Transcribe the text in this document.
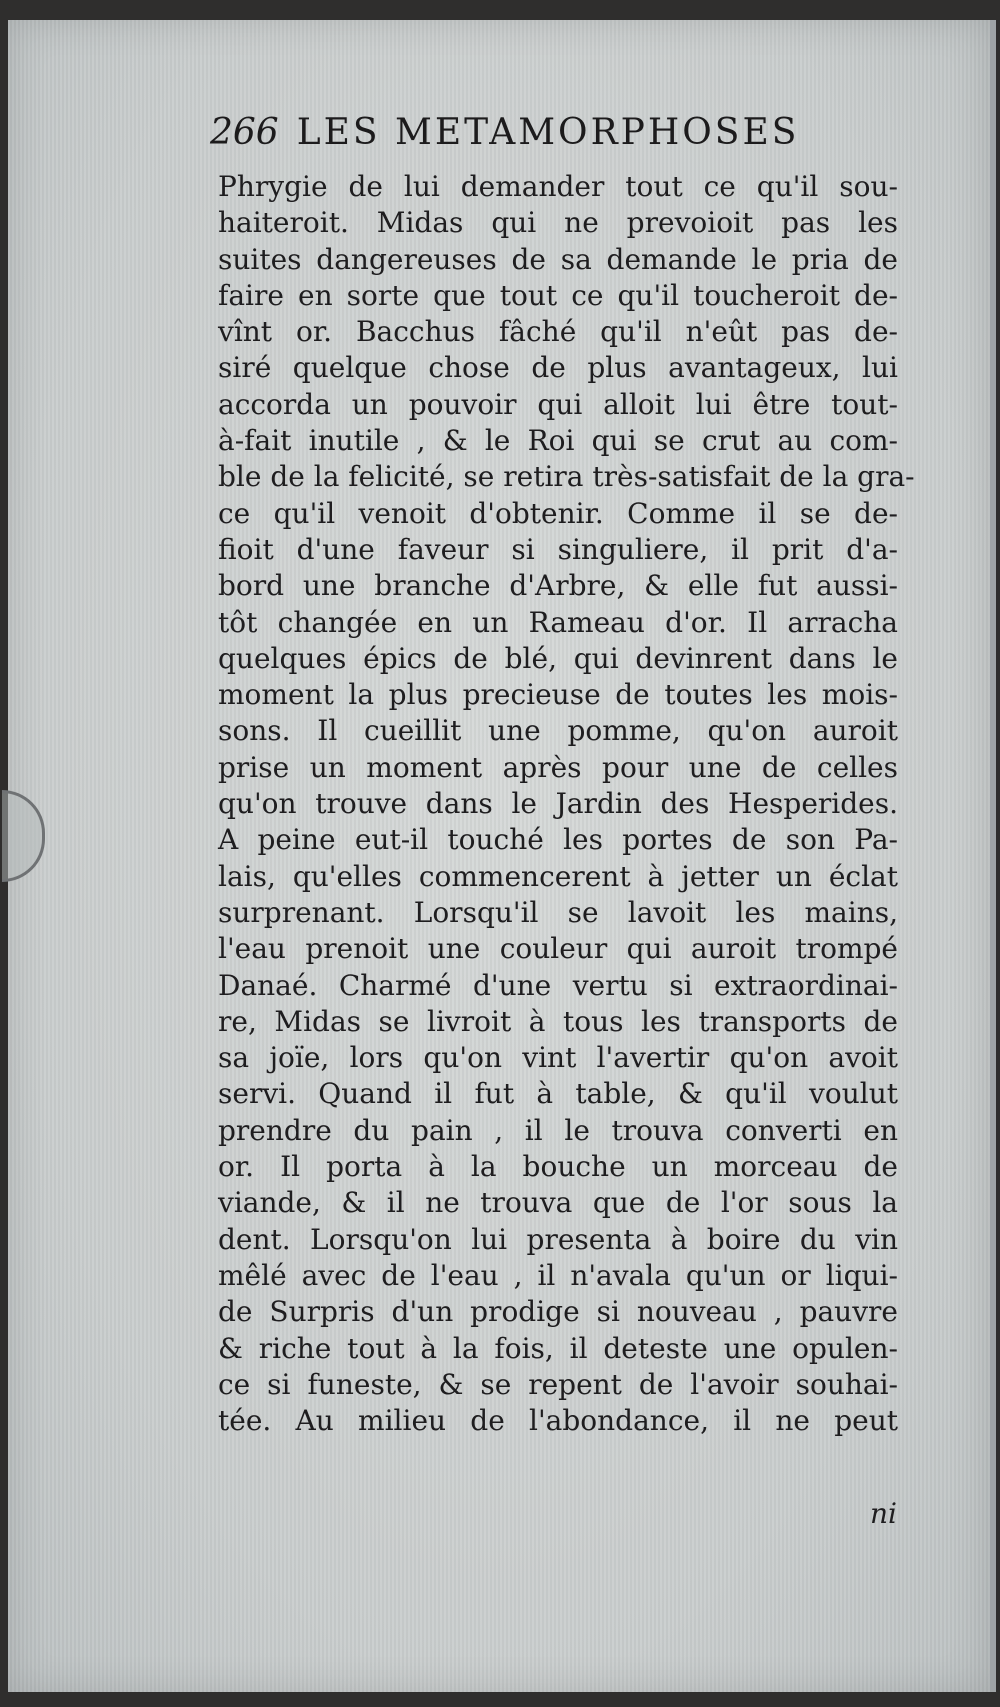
266 LES METAMORPHOSES
Phrygie de lui demander tout ce qu'il sou-
haiteroit. Midas qui ne prevoioit pas les
suites dangereuses de sa demande le pria de
faire en sorte que tout ce qu'il toucheroit de-
vînt or. Bacchus fâché qu'il n'eût pas de-
siré quelque chose de plus avantageux, lui
accorda un pouvoir qui alloit lui être tout-
à-fait inutile , & le Roi qui se crut au com-
ble de la felicité, se retira très-satisfait de la gra-
ce qu'il venoit d'obtenir. Comme il se de-
fioit d'une faveur si singuliere, il prit d'a-
bord une branche d'Arbre, & elle fut aussi-
tôt changée en un Rameau d'or. Il arracha
quelques épics de blé, qui devinrent dans le
moment la plus precieuse de toutes les mois-
sons. Il cueillit une pomme, qu'on auroit
prise un moment après pour une de celles
qu'on trouve dans le Jardin des Hesperides.
A peine eut-il touché les portes de son Pa-
lais, qu'elles commencerent à jetter un éclat
surprenant. Lorsqu'il se lavoit les mains,
l'eau prenoit une couleur qui auroit trompé
Danaé. Charmé d'une vertu si extraordinai-
re, Midas se livroit à tous les transports de
sa joïe, lors qu'on vint l'avertir qu'on avoit
servi. Quand il fut à table, & qu'il voulut
prendre du pain , il le trouva converti en
or. Il porta à la bouche un morceau de
viande, & il ne trouva que de l'or sous la
dent. Lorsqu'on lui presenta à boire du vin
mêlé avec de l'eau , il n'avala qu'un or liqui-
de Surpris d'un prodige si nouveau , pauvre
& riche tout à la fois, il deteste une opulen-
ce si funeste, & se repent de l'avoir souhai-
tée. Au milieu de l'abondance, il ne peut
ni
